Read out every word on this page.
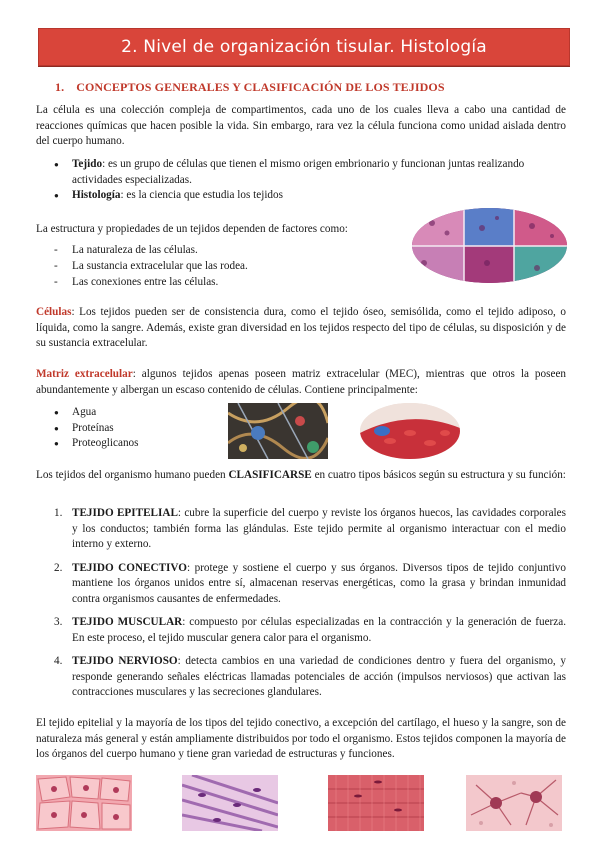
2. Nivel de organización tisular. Histología
1. CONCEPTOS GENERALES Y CLASIFICACIÓN DE LOS TEJIDOS

La célula es una colección compleja de compartimentos, cada uno de los cuales lleva a cabo una cantidad de reacciones químicas que hacen posible la vida. Sin embargo, rara vez la célula funciona como unidad aislada dentro del cuerpo humano.

● Tejido: es un grupo de células que tienen el mismo origen embrionario y funcionan juntas realizando actividades especializadas.
● Histología: es la ciencia que estudia los tejidos

La estructura y propiedades de un tejidos dependen de factores como:

- La naturaleza de las células.
- La sustancia extracelular que las rodea.
- Las conexiones entre las células.

Células: Los tejidos pueden ser de consistencia dura, como el tejido óseo, semisólida, como el tejido adiposo, o líquida, como la sangre. Además, existe gran diversidad en los tejidos respecto del tipo de células, su disposición y de su sustancia extracelular.

Matriz extracelular: algunos tejidos apenas poseen matriz extracelular (MEC), mientras que otros la poseen abundantemente y albergan un escaso contenido de células. Contiene principalmente:

● Agua
● Proteínas
● Proteoglicanos

Los tejidos del organismo humano pueden CLASIFICARSE en cuatro tipos básicos según su estructura y su función:

1. TEJIDO EPITELIAL: cubre la superficie del cuerpo y reviste los órganos huecos, las cavidades corporales y los conductos; también forma las glándulas. Este tejido permite al organismo interactuar con el medio interno y externo.
2. TEJIDO CONECTIVO: protege y sostiene el cuerpo y sus órganos. Diversos tipos de tejido conjuntivo mantiene los órganos unidos entre sí, almacenan reservas energéticas, como la grasa y brindan inmunidad contra organismos causantes de enfermedades.
3. TEJIDO MUSCULAR: compuesto por células especializadas en la contracción y la generación de fuerza. En este proceso, el tejido muscular genera calor para el organismo.
4. TEJIDO NERVIOSO: detecta cambios en una variedad de condiciones dentro y fuera del organismo, y responde generando señales eléctricas llamadas potenciales de acción (impulsos nerviosos) que activan las contracciones musculares y las secreciones glandulares.

El tejido epitelial y la mayoría de los tipos del tejido conectivo, a excepción del cartílago, el hueso y la sangre, son de naturaleza más general y están ampliamente distribuidos por todo el organismo. Estos tejidos componen la mayoría de los órganos del cuerpo humano y tiene gran variedad de estructuras y funciones.
